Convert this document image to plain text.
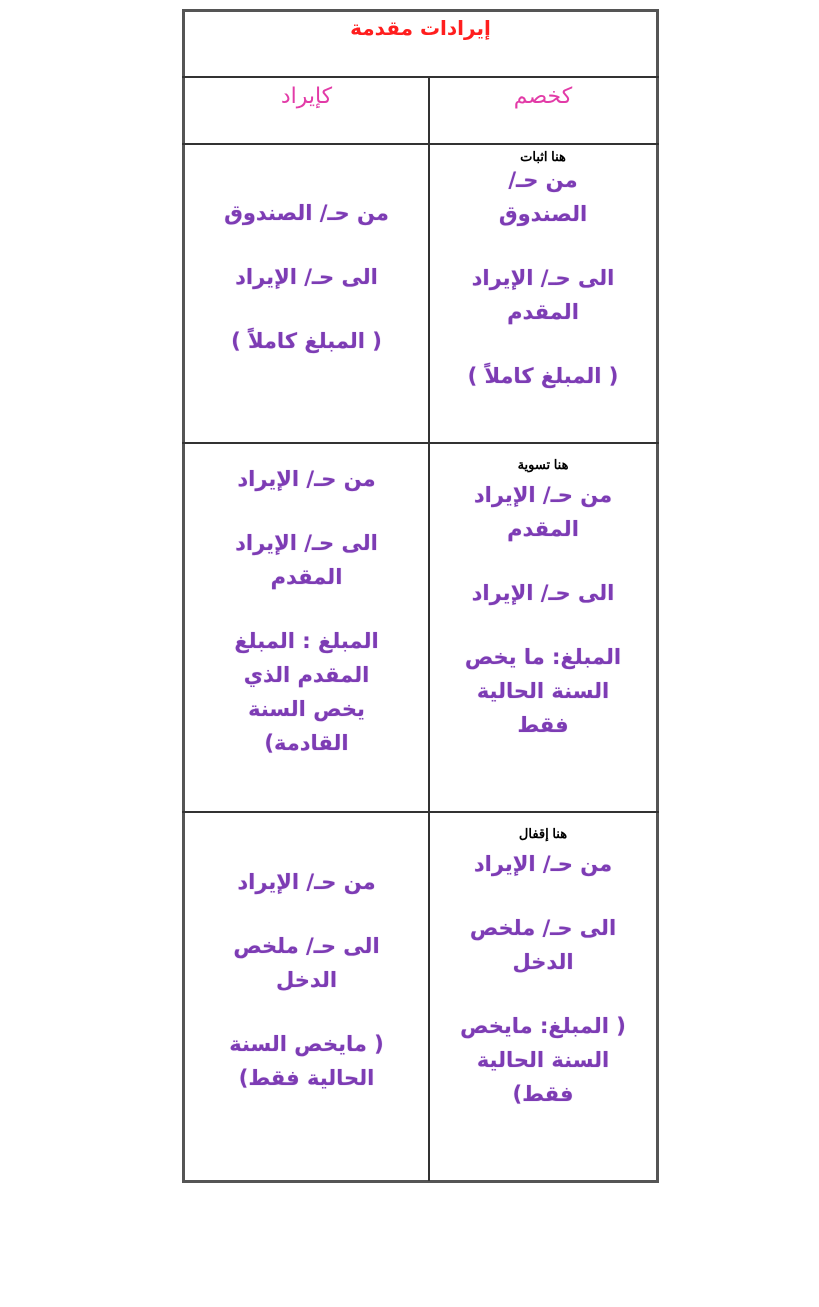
إيرادات مقدمة
كخصم
كإيراد
هنا اثبات

من حـ/

الصندوق

الى حـ/ الإيراد

المقدم

( المبلغ كاملاً )

من حـ/ الصندوق

الى حـ/ الإيراد

( المبلغ كاملاً )

هنا تسوية

من حـ/ الإيراد

المقدم

الى حـ/ الإيراد

المبلغ: ما يخص

السنة الحالية

فقط

من حـ/ الإيراد

الى حـ/ الإيراد

المقدم

المبلغ : المبلغ

المقدم الذي

يخص السنة

القادمة)

هنا إقفال

من حـ/ الإيراد

الى حـ/ ملخص

الدخل

( المبلغ: مايخص

السنة الحالية

فقط)

من حـ/ الإيراد

الى حـ/ ملخص

الدخل

( مايخص السنة

الحالية فقط)
